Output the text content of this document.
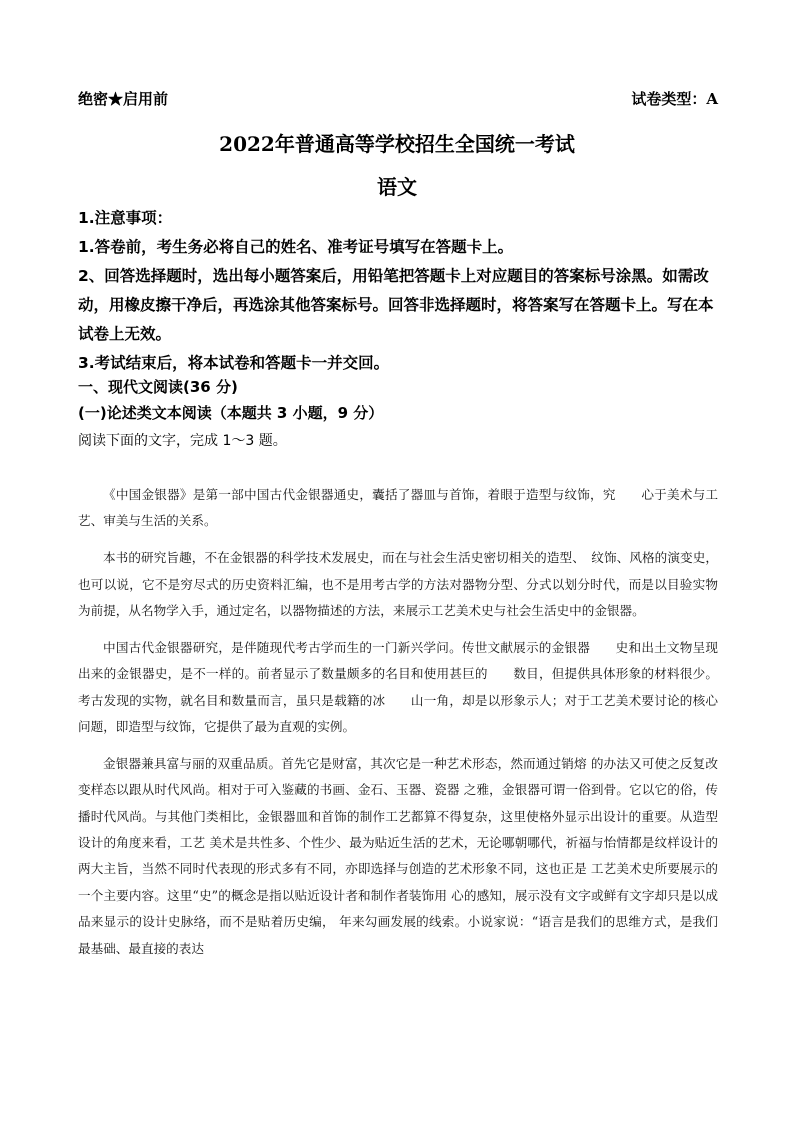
绝密★启用前	试卷类型：A
2022年普通高等学校招生全国统一考试
语文

1.注意事项：

1.答卷前，考生务必将自己的姓名、准考证号填写在答题卡上。

2、回答选择题时，选出每小题答案后，用铅笔把答题卡上对应题目的答案标号涂黑。如需改动，用橡皮擦干净后，再选涂其他答案标号。回答非选择题时，将答案写在答题卡上。写在本试卷上无效。

3.考试结束后，将本试卷和答题卡一并交回。

一、现代文阅读(36 分)
(一)论述类文本阅读（本题共 3 小题，9 分）
阅读下面的文字，完成 1～3 题。

《中国金银器》是第一部中国古代金银器通史，囊括了器皿与首饰，着眼于造型与纹饰，究　　心于美术与工艺、审美与生活的关系。

本书的研究旨趣，不在金银器的科学技术发展史，而在与社会生活史密切相关的造型、　纹饰、风格的演变史，也可以说，它不是穷尽式的历史资料汇编，也不是用考古学的方法对器物分型、分式以划分时代，而是以目验实物为前提，从名物学入手，通过定名，以器物描述的方法，来展示工艺美术史与社会生活史中的金银器。

中国古代金银器研究，是伴随现代考古学而生的一门新兴学问。传世文献展示的金银器　　史和出土文物呈现出来的金银器史，是不一样的。前者显示了数量颇多的名目和使用甚巨的　　数目，但提供具体形象的材料很少。考古发现的实物，就名目和数量而言，虽只是载籍的冰　　山一角，却是以形象示人；对于工艺美术要讨论的核心问题，即造型与纹饰，它提供了最为直观的实例。

金银器兼具富与丽的双重品质。首先它是财富，其次它是一种艺术形态，然而通过销熔 的办法又可使之反复改变样态以跟从时代风尚。相对于可入鉴藏的书画、金石、玉器、瓷器 之雅，金银器可谓一俗到骨。它以它的俗，传播时代风尚。与其他门类相比，金银器皿和首饰的制作工艺都算不得复杂，这里使格外显示出设计的重要。从造型设计的角度来看，工艺 美术是共性多、个性少、最为贴近生活的艺术，无论哪朝哪代，祈福与怡情都是纹样设计的 两大主旨，当然不同时代表现的形式多有不同，亦即选择与创造的艺术形象不同，这也正是 工艺美术史所要展示的一个主要内容。这里“史”的概念是指以贴近设计者和制作者装饰用 心的感知，展示没有文字或鲜有文字却只是以成品来显示的设计史脉络，而不是贴着历史编， 年来勾画发展的线索。小说家说：“语言是我们的思维方式，是我们最基础、最直接的表达
